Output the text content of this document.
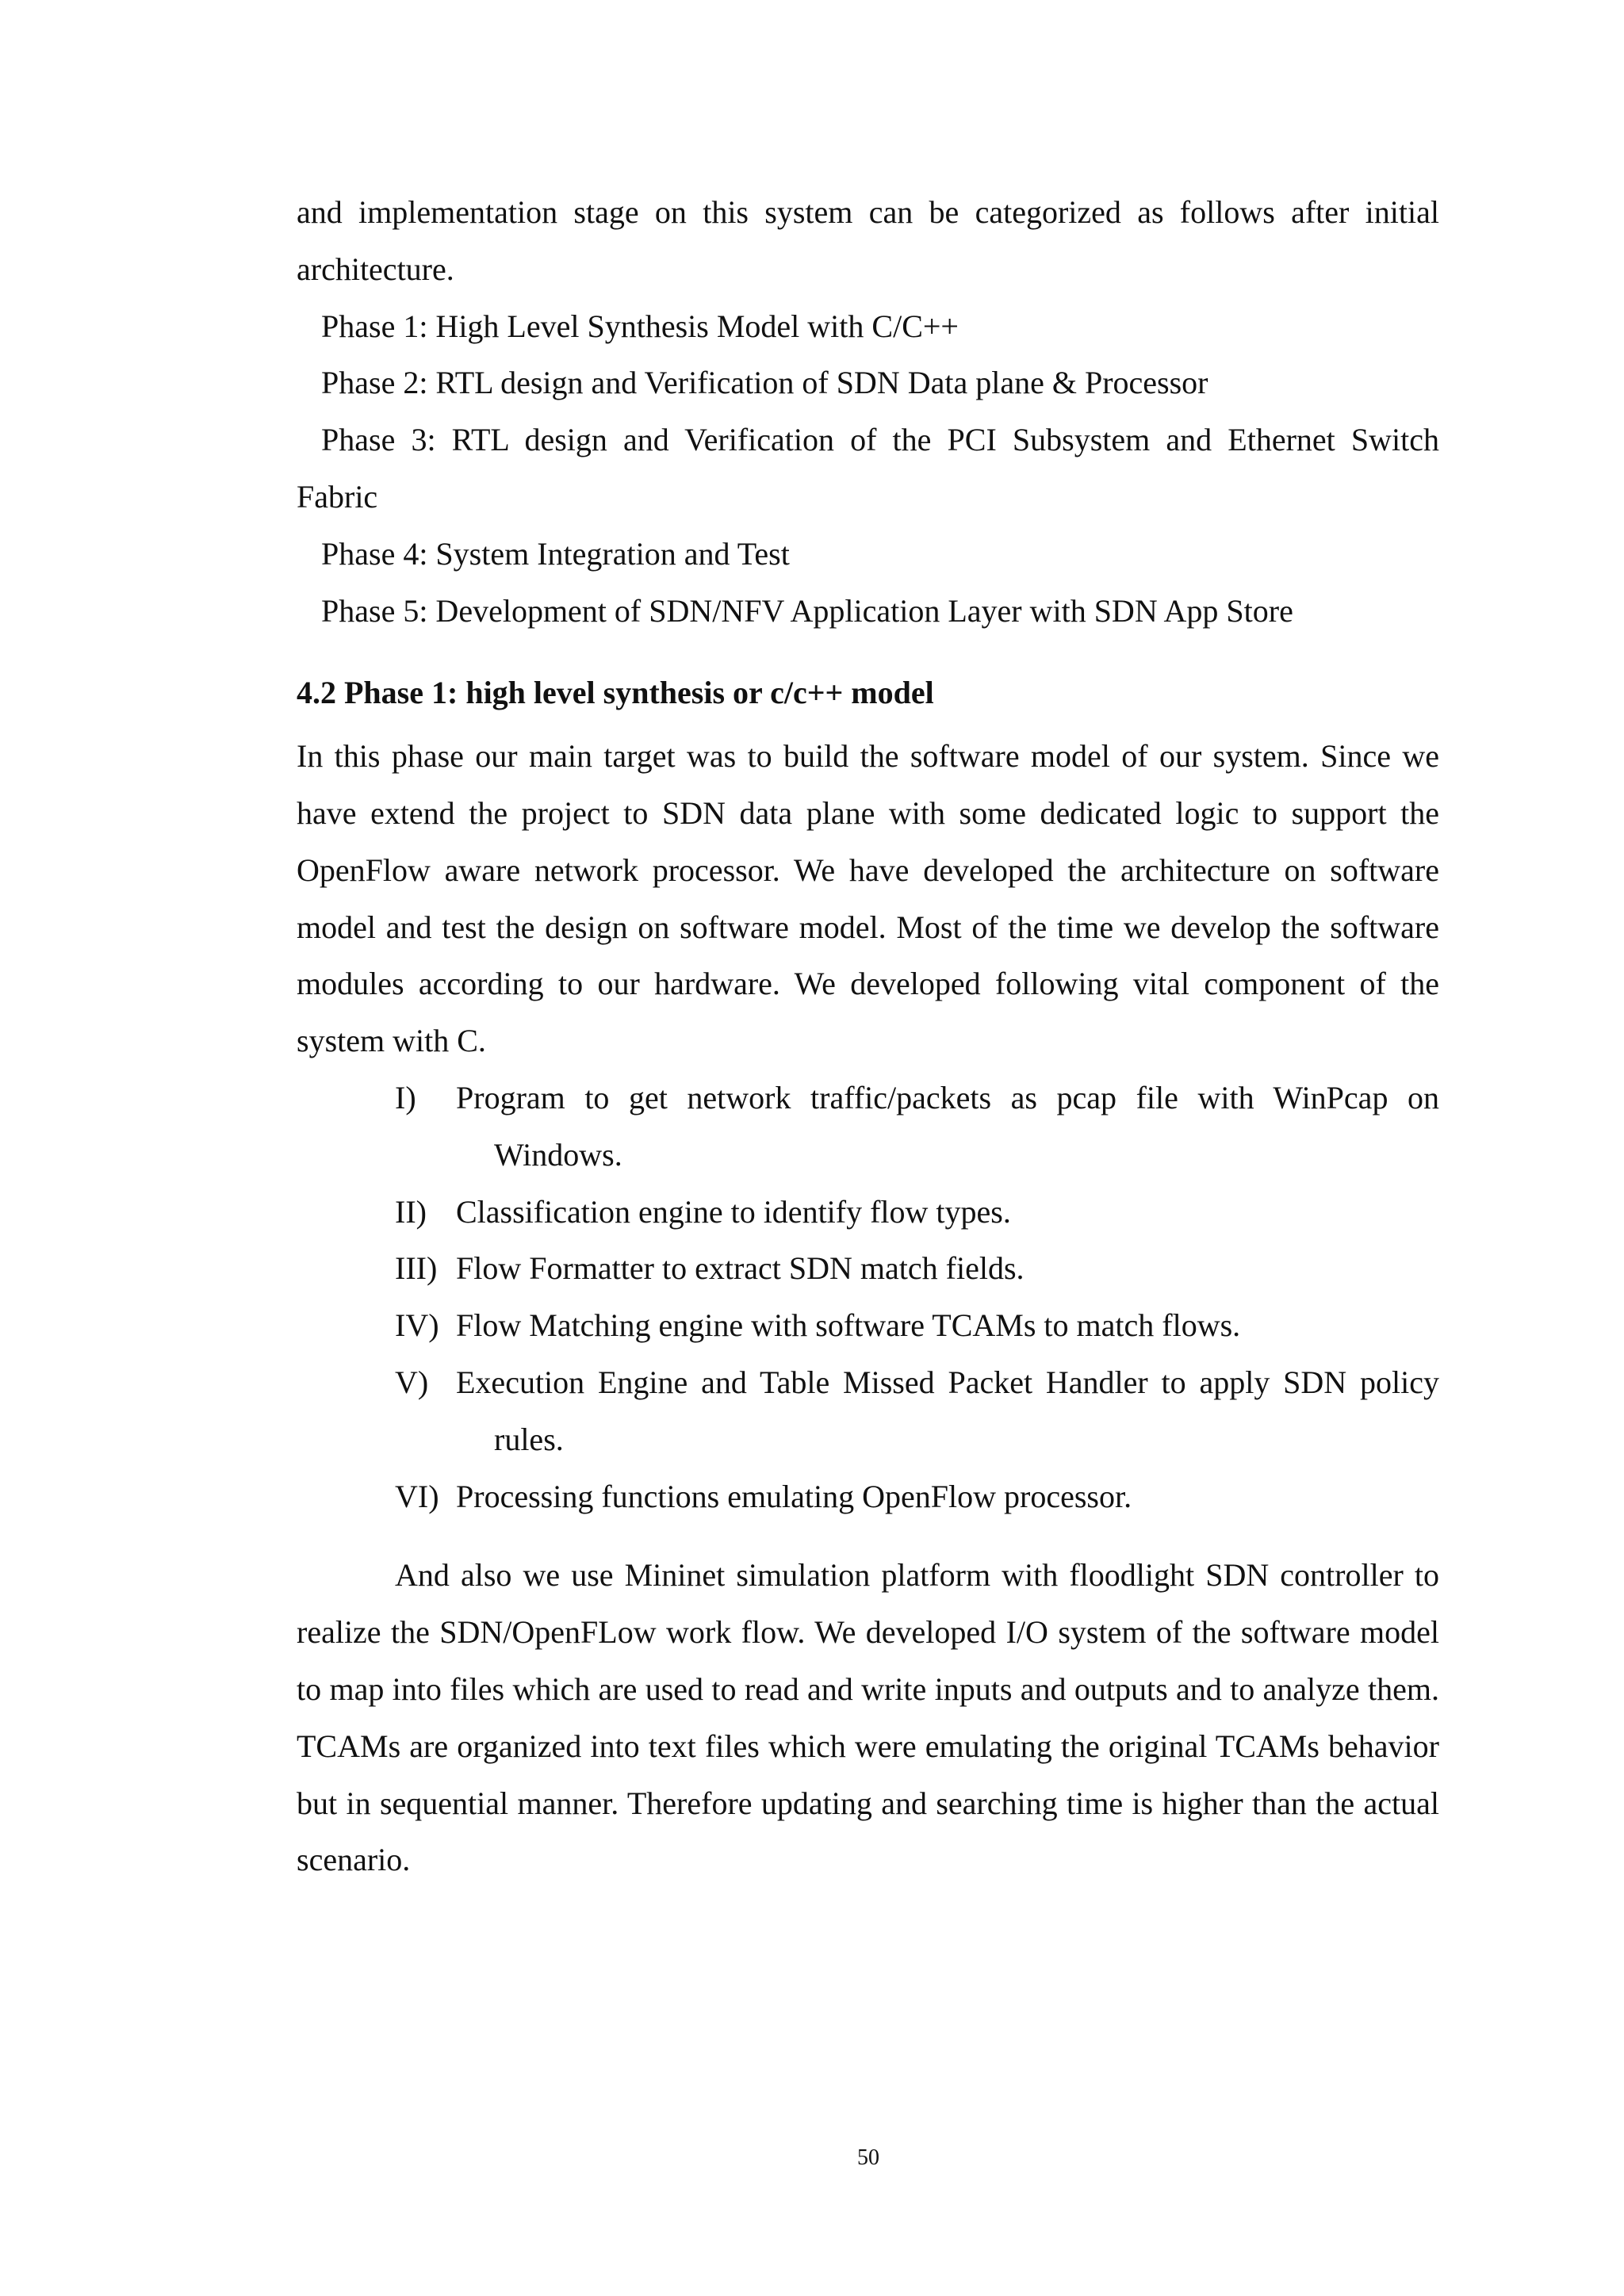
and implementation stage on this system can be categorized as follows after initial

architecture.

Phase 1: High Level Synthesis Model with C/C++

Phase 2: RTL design and Verification of SDN Data plane & Processor

Phase 3: RTL design and Verification of the PCI Subsystem and Ethernet Switch

Fabric

Phase 4: System Integration and Test

Phase 5: Development of SDN/NFV Application Layer with SDN App Store

4.2 Phase 1: high level synthesis or c/c++ model

In this phase our main target was to build the software model of our system. Since we have extend the project to SDN data plane with some dedicated logic to support the OpenFlow aware network processor. We have developed the architecture on software model and test the design on software model. Most of the time we develop the software modules according to our hardware. We developed following vital component of the system with C.

I) Program to get network traffic/packets as pcap file with WinPcap on
Windows.
II) Classification engine to identify flow types.
III) Flow Formatter to extract SDN match fields.
IV) Flow Matching engine with software TCAMs to match flows.
V) Execution Engine and Table Missed Packet Handler to apply SDN policy
rules.
VI) Processing functions emulating OpenFlow processor.

And also we use Mininet simulation platform with floodlight SDN controller to realize the SDN/OpenFLow work flow. We developed I/O system of the software model to map into files which are used to read and write inputs and outputs and to analyze them. TCAMs are organized into text files which were emulating the original TCAMs behavior but in sequential manner. Therefore updating and searching time is higher than the actual scenario.

50
